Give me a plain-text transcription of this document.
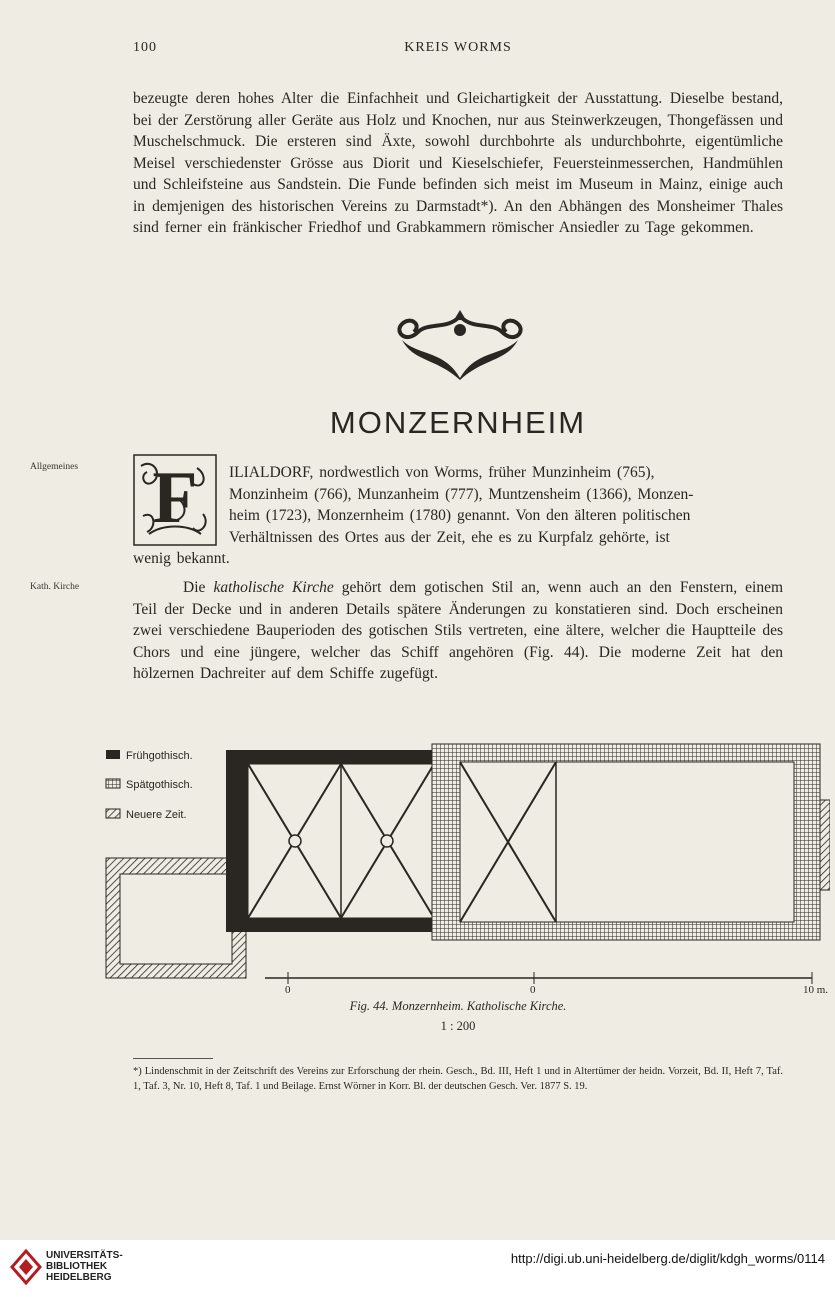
100	KREIS WORMS
bezeugte deren hohes Alter die Einfachheit und Gleichartigkeit der Ausstattung. Dieselbe bestand, bei der Zerstörung aller Geräte aus Holz und Knochen, nur aus Steinwerkzeugen, Thongefässen und Muschelschmuck. Die ersteren sind Äxte, sowohl durchbohrte als undurchbohrte, eigentümliche Meisel verschiedenster Grösse aus Diorit und Kieselschiefer, Feuersteinmesserchen, Handmühlen und Schleifsteine aus Sandstein. Die Funde befinden sich meist im Museum in Mainz, einige auch in demjenigen des historischen Vereins zu Darmstadt*). An den Abhängen des Monsheimer Thales sind ferner ein fränkischer Friedhof und Grabkammern römischer Ansiedler zu Tage gekommen.
MONZERNHEIM
Allgemeines
Kath. Kirche
F	ILIALDORF, nordwestlich von Worms, früher Munzinheim (765),
Monzinheim (766), Munzanheim (777), Muntzensheim (1366), Monzen-
heim (1723), Monzernheim (1780) genannt. Von den älteren politischen
Verhältnissen des Ortes aus der Zeit, ehe es zu Kurpfalz gehörte, ist
wenig bekannt.
Die katholische Kirche gehört dem gotischen Stil an, wenn auch an den Fenstern, einem Teil der Decke und in anderen Details spätere Änderungen zu konstatieren sind. Doch erscheinen zwei verschiedene Bauperioden des gotischen Stils vertreten, eine ältere, welcher die Hauptteile des Chors und eine jüngere, welcher das Schiff angehören (Fig. 44). Die moderne Zeit hat den hölzernen Dachreiter auf dem Schiffe zugefügt.
Frühgothisch.
Spätgothisch.
Neuere Zeit.
0	0	10 m.
Fig. 44. Monzernheim. Katholische Kirche.
1 : 200
*) Lindenschmit in der Zeitschrift des Vereins zur Erforschung der rhein. Gesch., Bd. III, Heft 1 und in Altertümer der heidn. Vorzeit, Bd. II, Heft 7, Taf. 1, Taf. 3, Nr. 10, Heft 8, Taf. 1 und Beilage. Ernst Wörner in Korr. Bl. der deutschen Gesch. Ver. 1877 S. 19.
UNIVERSITÄTS-
BIBLIOTHEK
HEIDELBERG
http://digi.ub.uni-heidelberg.de/diglit/kdgh_worms/0114
